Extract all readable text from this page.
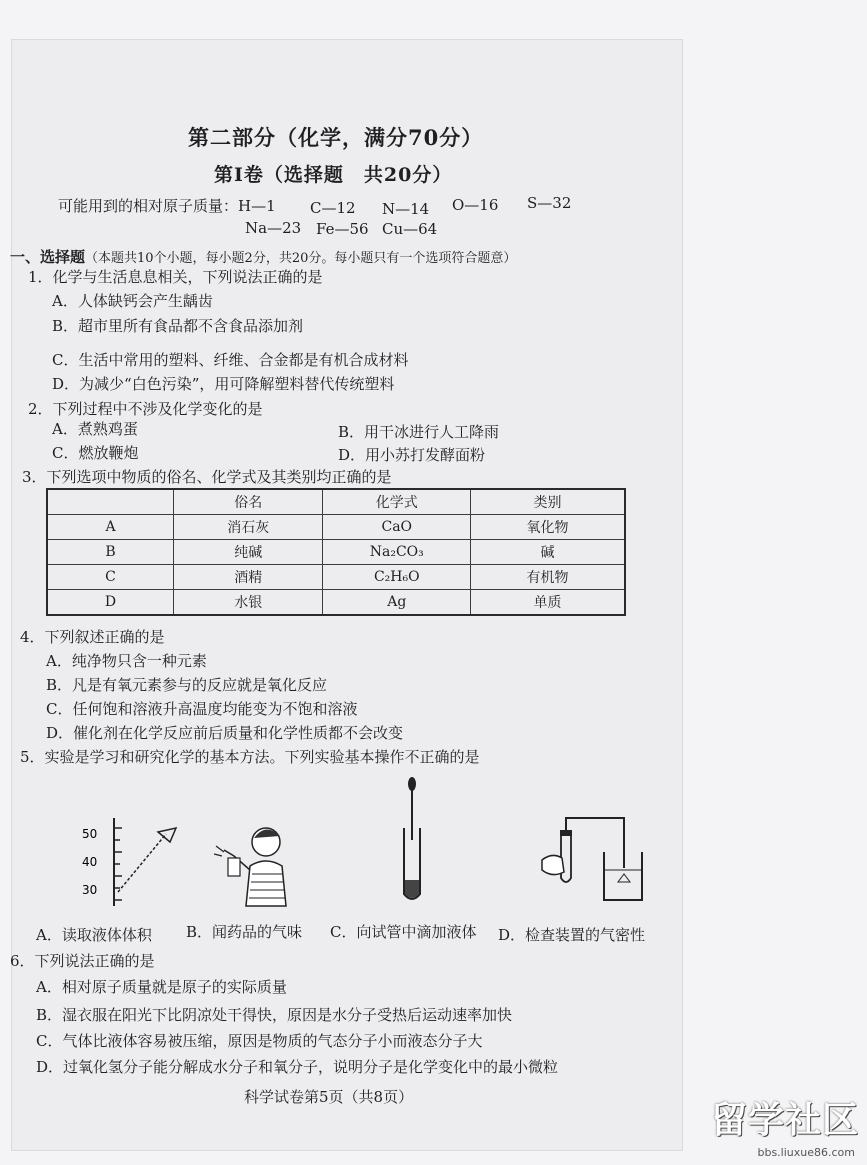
第二部分（化学，满分70分）
第Ⅰ卷（选择题　共20分）
可能用到的相对原子质量： H—1 C—12 N—14 O—16 S—32
Na—23 Fe—56 Cu—64
一、选择题（本题共10个小题，每小题2分，共20分。每小题只有一个选项符合题意）
1．化学与生活息息相关，下列说法正确的是
A．人体缺钙会产生龋齿
B．超市里所有食品都不含食品添加剂
C．生活中常用的塑料、纤维、合金都是有机合成材料
D．为减少“白色污染”，用可降解塑料替代传统塑料
2．下列过程中不涉及化学变化的是
A．煮熟鸡蛋	B．用干冰进行人工降雨
C．燃放鞭炮	D．用小苏打发酵面粉
3．下列选项中物质的俗名、化学式及其类别均正确的是
	俗名	化学式	类别
A	消石灰	CaO	氧化物
B	纯碱	Na₂CO₃	碱
C	酒精	C₂H₆O	有机物
D	水银	Ag	单质
4．下列叙述正确的是
A．纯净物只含一种元素
B．凡是有氧元素参与的反应就是氧化反应
C．任何饱和溶液升高温度均能变为不饱和溶液
D．催化剂在化学反应前后质量和化学性质都不会改变
5．实验是学习和研究化学的基本方法。下列实验基本操作不正确的是
50
40
30
A．读取液体体积 B．闻药品的气味 C．向试管中滴加液体 D．检查装置的气密性
6．下列说法正确的是
A．相对原子质量就是原子的实际质量
B．湿衣服在阳光下比阴凉处干得快，原因是水分子受热后运动速率加快
C．气体比液体容易被压缩，原因是物质的气态分子小而液态分子大
D．过氧化氢分子能分解成水分子和氧分子，说明分子是化学变化中的最小微粒
科学试卷第5页（共8页）
留学社区
bbs.liuxue86.com
